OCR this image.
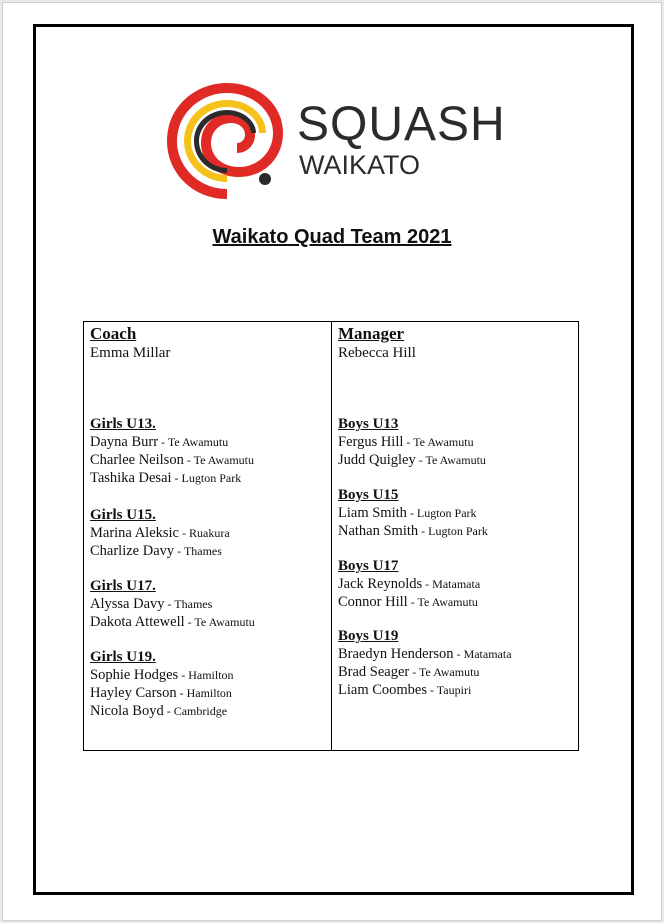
SQUASH
WAIKATO
Waikato Quad Team 2021
Coach
Emma Millar
Girls U13.
Dayna Burr - Te Awamutu
Charlee Neilson - Te Awamutu
Tashika Desai - Lugton Park
Girls U15.
Marina Aleksic - Ruakura
Charlize Davy - Thames
Girls U17.
Alyssa Davy - Thames
Dakota Attewell - Te Awamutu
Girls U19.
Sophie Hodges - Hamilton
Hayley Carson - Hamilton
Nicola Boyd - Cambridge
Manager
Rebecca Hill
Boys U13
Fergus Hill - Te Awamutu
Judd Quigley - Te Awamutu
Boys U15
Liam Smith - Lugton Park
Nathan Smith - Lugton Park
Boys U17
Jack Reynolds - Matamata
Connor Hill - Te Awamutu
Boys U19
Braedyn Henderson - Matamata
Brad Seager - Te Awamutu
Liam Coombes - Taupiri
